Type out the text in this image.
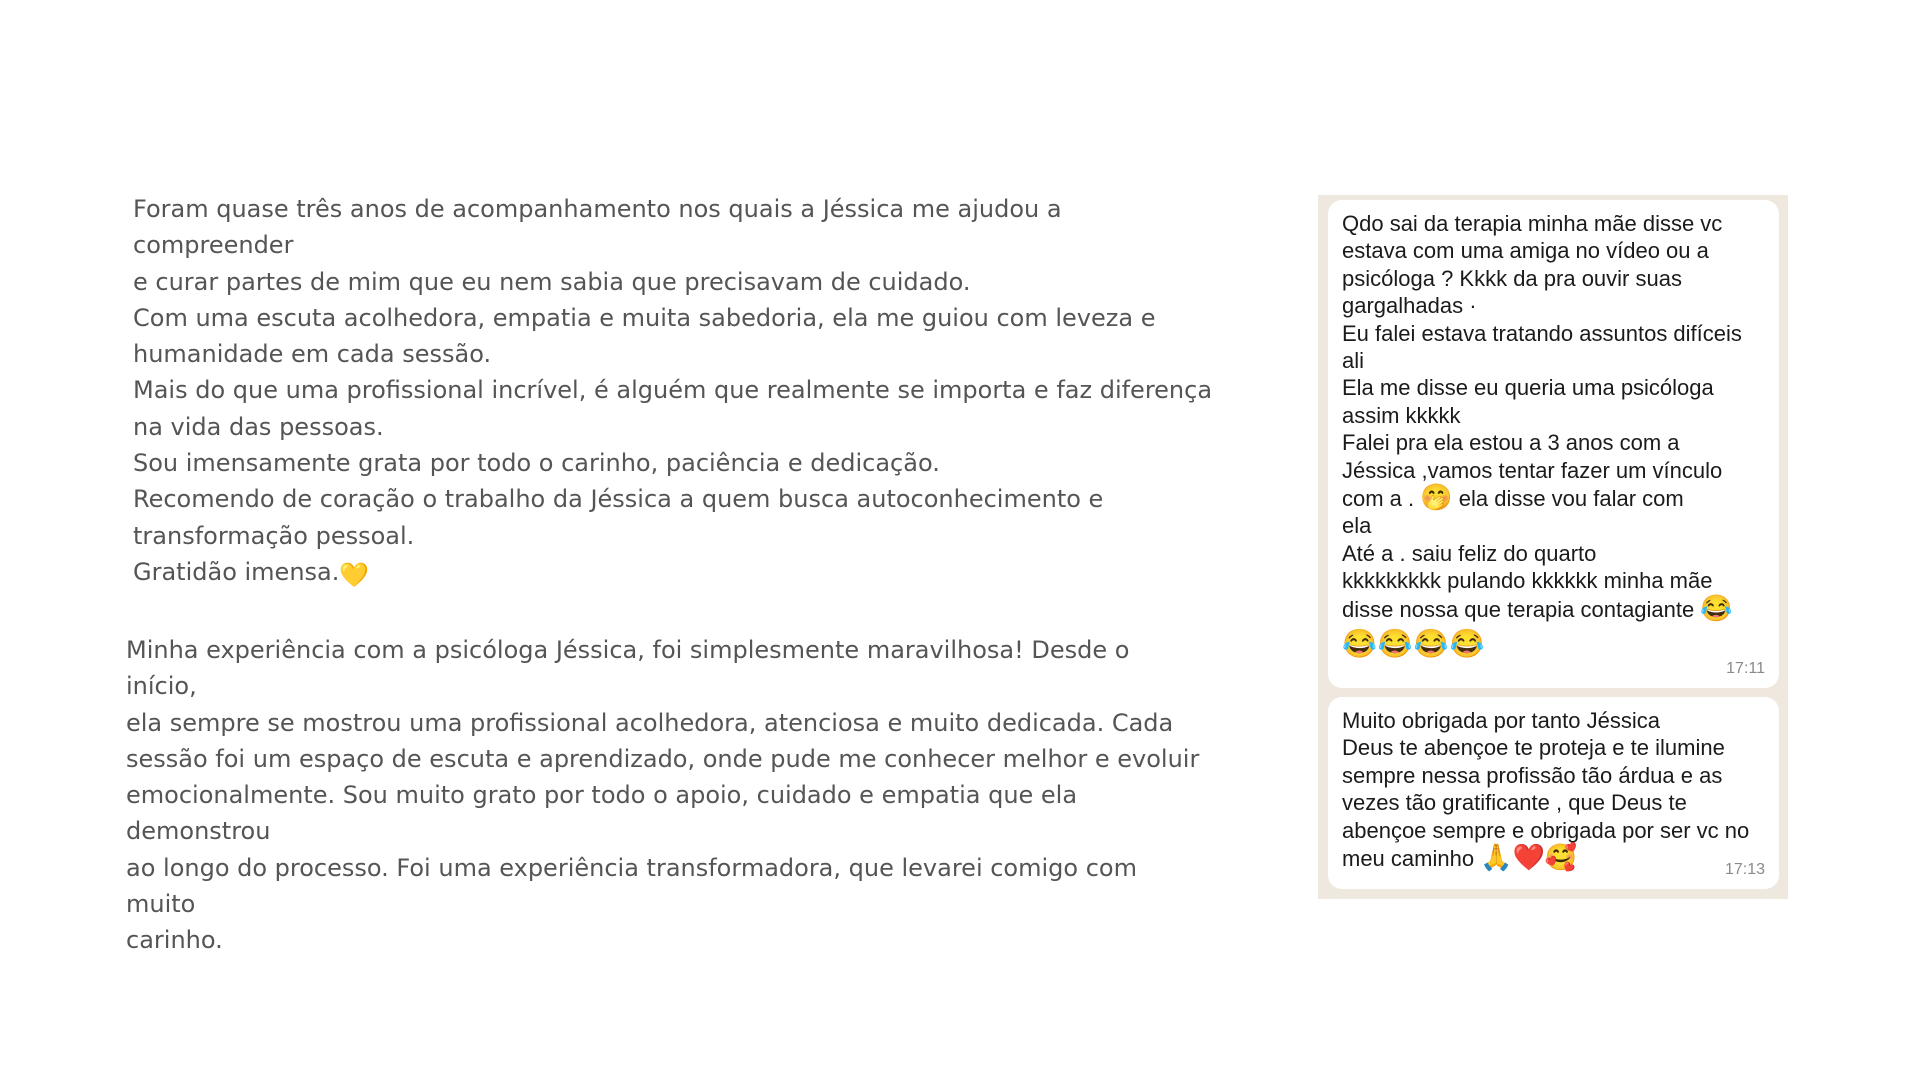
Foram quase três anos de acompanhamento nos quais a Jéssica me ajudou a compreender
e curar partes de mim que eu nem sabia que precisavam de cuidado.
Com uma escuta acolhedora, empatia e muita sabedoria, ela me guiou com leveza e
humanidade em cada sessão.
Mais do que uma profissional incrível, é alguém que realmente se importa e faz diferença
na vida das pessoas.
Sou imensamente grata por todo o carinho, paciência e dedicação.
Recomendo de coração o trabalho da Jéssica a quem busca autoconhecimento e
transformação pessoal.
Gratidão imensa.💛

Minha experiência com a psicóloga Jéssica, foi simplesmente maravilhosa! Desde o início,
ela sempre se mostrou uma profissional acolhedora, atenciosa e muito dedicada. Cada
sessão foi um espaço de escuta e aprendizado, onde pude me conhecer melhor e evoluir
emocionalmente. Sou muito grato por todo o apoio, cuidado e empatia que ela demonstrou
ao longo do processo. Foi uma experiência transformadora, que levarei comigo com muito
carinho.

Qdo sai da terapia minha mãe disse vc
estava com uma amiga no vídeo ou a
psicóloga ? Kkkk da pra ouvir suas
gargalhadas ·
Eu falei estava tratando assuntos difíceis
ali
Ela me disse eu queria uma psicóloga
assim kkkkk
Falei pra ela estou a 3 anos com a
Jéssica ,vamos tentar fazer um vínculo
com a . 🤭 ela disse vou falar com
ela
Até a . saiu feliz do quarto
kkkkkkkkk pulando kkkkkk minha mãe
disse nossa que terapia contagiante 😂

😂😂😂😂
17:11

Muito obrigada por tanto Jéssica
Deus te abençoe te proteja e te ilumine
sempre nessa profissão tão árdua e as
vezes tão gratificante , que Deus te
abençoe sempre e obrigada por ser vc no
meu caminho 🙏❤️🥰	17:13
